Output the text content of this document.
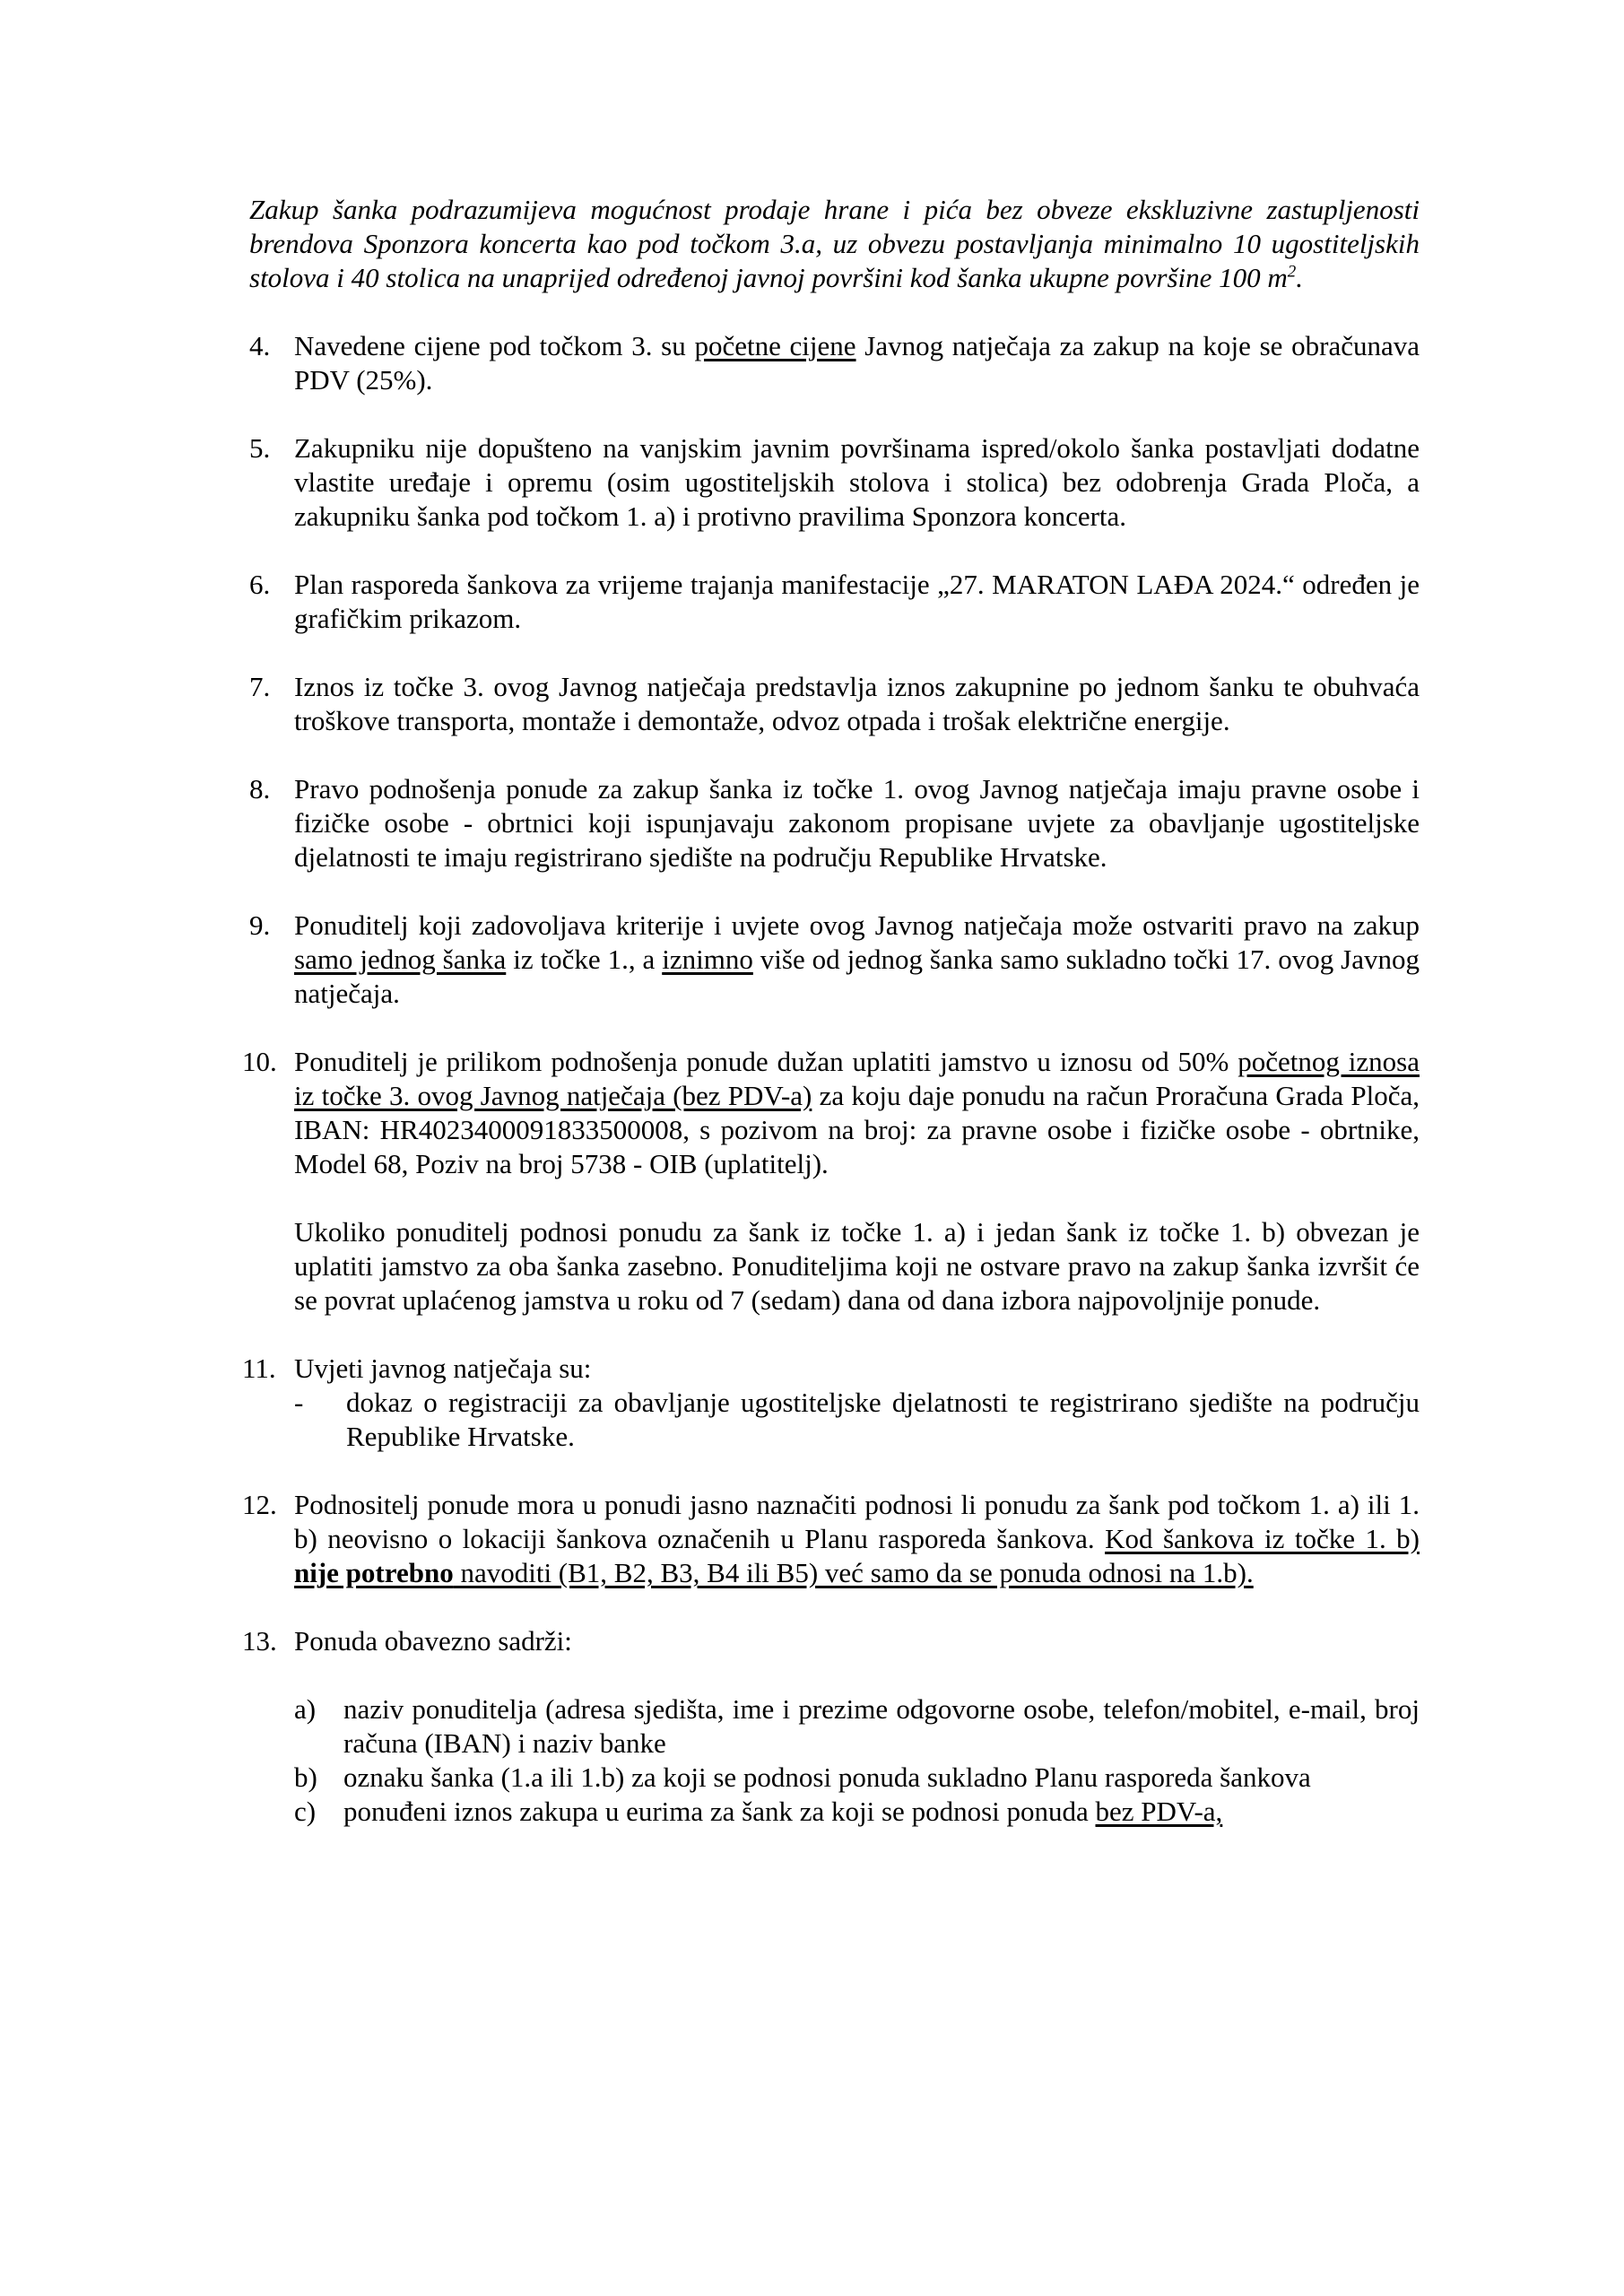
Zakup šanka podrazumijeva mogućnost prodaje hrane i pića bez obveze ekskluzivne zastupljenosti brendova Sponzora koncerta kao pod točkom 3.a, uz obvezu postavljanja minimalno 10 ugostiteljskih stolova i 40 stolica na unaprijed određenoj javnoj površini kod šanka ukupne površine 100 $m^2$.

4. Navedene cijene pod točkom 3. su početne cijene Javnog natječaja za zakup na koje se obračunava PDV (25%).
5. Zakupniku nije dopušteno na vanjskim javnim površinama ispred/okolo šanka postavljati dodatne vlastite uređaje i opremu (osim ugostiteljskih stolova i stolica) bez odobrenja Grada Ploča, a zakupniku šanka pod točkom 1. a) i protivno pravilima Sponzora koncerta.
6. Plan rasporeda šankova za vrijeme trajanja manifestacije „27. MARATON LAĐA 2024.“ određen je grafičkim prikazom.
7. Iznos iz točke 3. ovog Javnog natječaja predstavlja iznos zakupnine po jednom šanku te obuhvaća troškove transporta, montaže i demontaže, odvoz otpada i trošak električne energije.
8. Pravo podnošenja ponude za zakup šanka iz točke 1. ovog Javnog natječaja imaju pravne osobe i fizičke osobe - obrtnici koji ispunjavaju zakonom propisane uvjete za obavljanje ugostiteljske djelatnosti te imaju registrirano sjedište na području Republike Hrvatske.
9. Ponuditelj koji zadovoljava kriterije i uvjete ovog Javnog natječaja može ostvariti pravo na zakup samo jednog šanka iz točke 1., a iznimno više od jednog šanka samo sukladno točki 17. ovog Javnog natječaja.
10. Ponuditelj je prilikom podnošenja ponude dužan uplatiti jamstvo u iznosu od 50% početnog iznosa iz točke 3. ovog Javnog natječaja (bez PDV-a) za koju daje ponudu na račun Proračuna Grada Ploča, IBAN: HR4023400091833500008, s pozivom na broj: za pravne osobe i fizičke osobe - obrtnike, Model 68, Poziv na broj 5738 - OIB (uplatitelj).
Ukoliko ponuditelj podnosi ponudu za šank iz točke 1. a) i jedan šank iz točke 1. b) obvezan je uplatiti jamstvo za oba šanka zasebno. Ponuditeljima koji ne ostvare pravo na zakup šanka izvršit će se povrat uplaćenog jamstva u roku od 7 (sedam) dana od dana izbora najpovoljnije ponude.
11. Uvjeti javnog natječaja su:
- dokaz o registraciji za obavljanje ugostiteljske djelatnosti te registrirano sjedište na području Republike Hrvatske.
12. Podnositelj ponude mora u ponudi jasno naznačiti podnosi li ponudu za šank pod točkom 1. a) ili 1. b) neovisno o lokaciji šankova označenih u Planu rasporeda šankova. Kod šankova iz točke 1. b) nije potrebno navoditi (B1, B2, B3, B4 ili B5) već samo da se ponuda odnosi na 1.b).
13. Ponuda obavezno sadrži:
a) naziv ponuditelja (adresa sjedišta, ime i prezime odgovorne osobe, telefon/mobitel, e-mail, broj računa (IBAN) i naziv banke
b) oznaku šanka (1.a ili 1.b) za koji se podnosi ponuda sukladno Planu rasporeda šankova
c) ponuđeni iznos zakupa u eurima za šank za koji se podnosi ponuda bez PDV-a,
